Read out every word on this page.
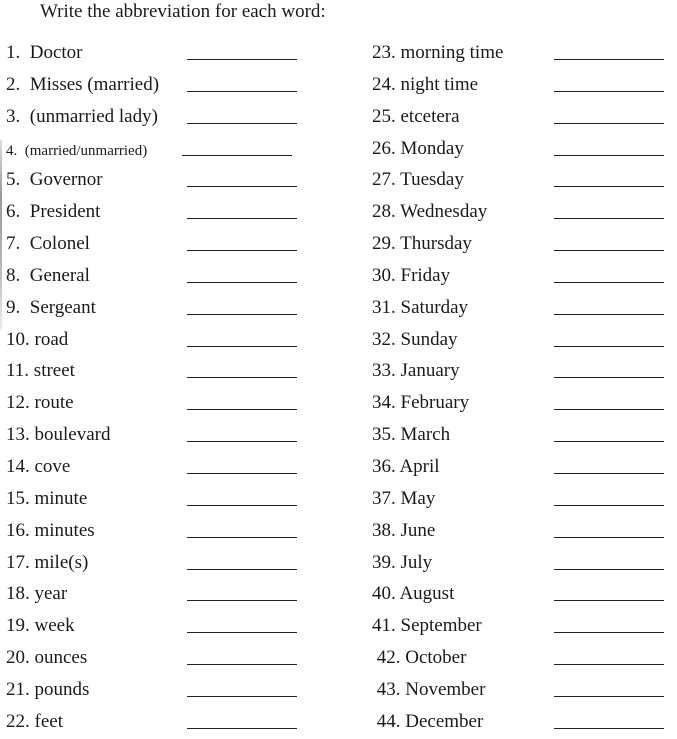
Write the abbreviation for each word:
1.  Doctor
2.  Misses (married)
3.  (unmarried lady)
4.  (married/unmarried)
5.  Governor
6.  President
7.  Colonel
8.  General
9.  Sergeant
10. road
11. street
12. route
13. boulevard
14. cove
15. minute
16. minutes
17. mile(s)
18. year
19. week
20. ounces
21. pounds
22. feet
23. morning time
24. night time
25. etcetera
26. Monday
27. Tuesday
28. Wednesday
29. Thursday
30. Friday
31. Saturday
32. Sunday
33. January
34. February
35. March
36. April
37. May
38. June
39. July
40. August
41. September
42. October
43. November
44. December
